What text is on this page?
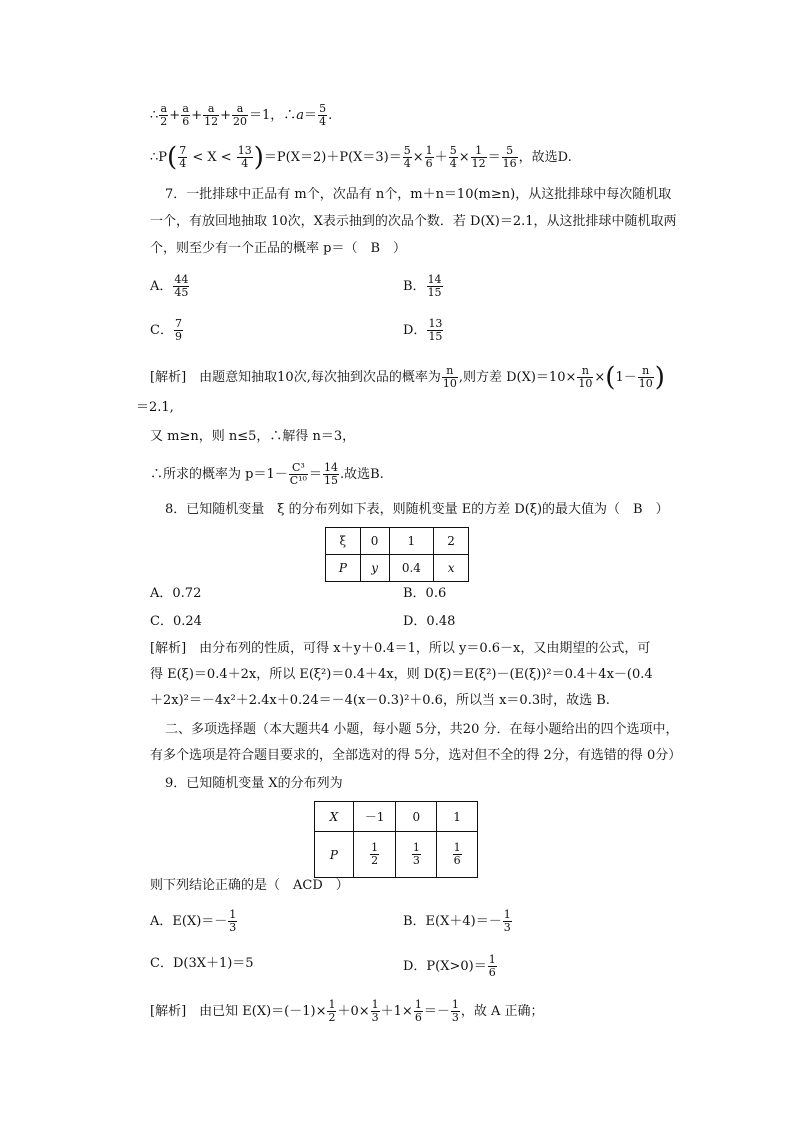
∴ $\frac{a}{2} + \frac{a}{6} + \frac{a}{12} + \frac{a}{20} =1$，∴a＝ $\frac{5}{4}$ .
∴P( $\frac{7}{4} < X < \frac{13}{4} )=P(X=2)+P(X=3)= \frac{5}{4} \times \frac{1}{6} + \frac{5}{4} \times \frac{1}{12} = \frac{5}{16}$ ，故选D.
7．一批排球中正品有 m个，次品有 n个，m＋n＝10(m≥n)，从这批排球中每次随机取
一个，有放回地抽取 10次，X表示抽到的次品个数．若 D(X)＝2.1，从这批排球中随机取两
个，则至少有一个正品的概率 p＝（　B　）
A． $\frac{44}{45}$	B． $\frac{14}{15}$
C． $\frac{7}{9}$	D． $\frac{13}{15}$
[解析]　由题意知抽取10次,每次抽到次品的概率为 $\frac{n}{10}$ ,则方差 $D(X)=10\times \frac{n}{10} \times(1- \frac{n}{10}$ )
＝2.1,
又 m≥n，则 n≤5，∴解得 n＝3，
∴所求的概率为 $p=1- \frac{\text{C³}}{\text{C¹⁰}} = \frac{14}{15}$ .故选B.
8．已知随机变量　ξ 的分布列如下表，则随机变量 E的方差 D(ξ)的最大值为（　B　）
ξ	0	1	2
P	y	0.4	x
A．0.72	B．0.6
C．0.24	D．0.48
[解析]　由分布列的性质，可得 x＋y＋0.4＝1，所以 y＝0.6－x，又由期望的公式，可
得 E(ξ)＝0.4＋2x，所以 E(ξ²)＝0.4＋4x，则 D(ξ)＝E(ξ²)－(E(ξ))²＝0.4＋4x－(0.4
＋2x)²＝－4x²＋2.4x＋0.24＝－4(x－0.3)²＋0.6，所以当 x＝0.3时，故选 B.
二、多项选择题（本大题共4 小题，每小题 5分，共20 分．在每小题给出的四个选项中，
有多个选项是符合题目要求的，全部选对的得 5分，选对但不全的得 2分，有选错的得 0分）
9．已知随机变量 X的分布列为
X	－1	0	1
P	$\frac{1}{2}$	$\frac{1}{3}$	$\frac{1}{6}$
则下列结论正确的是（　ACD　）
A．$E(X)=- \frac{1}{3}$	B．$E(X+4)=- \frac{1}{3}$
C．D(3X＋1)＝5	D．$P(X>0)= \frac{1}{6}$
[解析]　由已知 $E(X)=(-1)\times \frac{1}{2} +0\times \frac{1}{3} +1\times \frac{1}{6} =- \frac{1}{3}$ ，故 A 正确；
